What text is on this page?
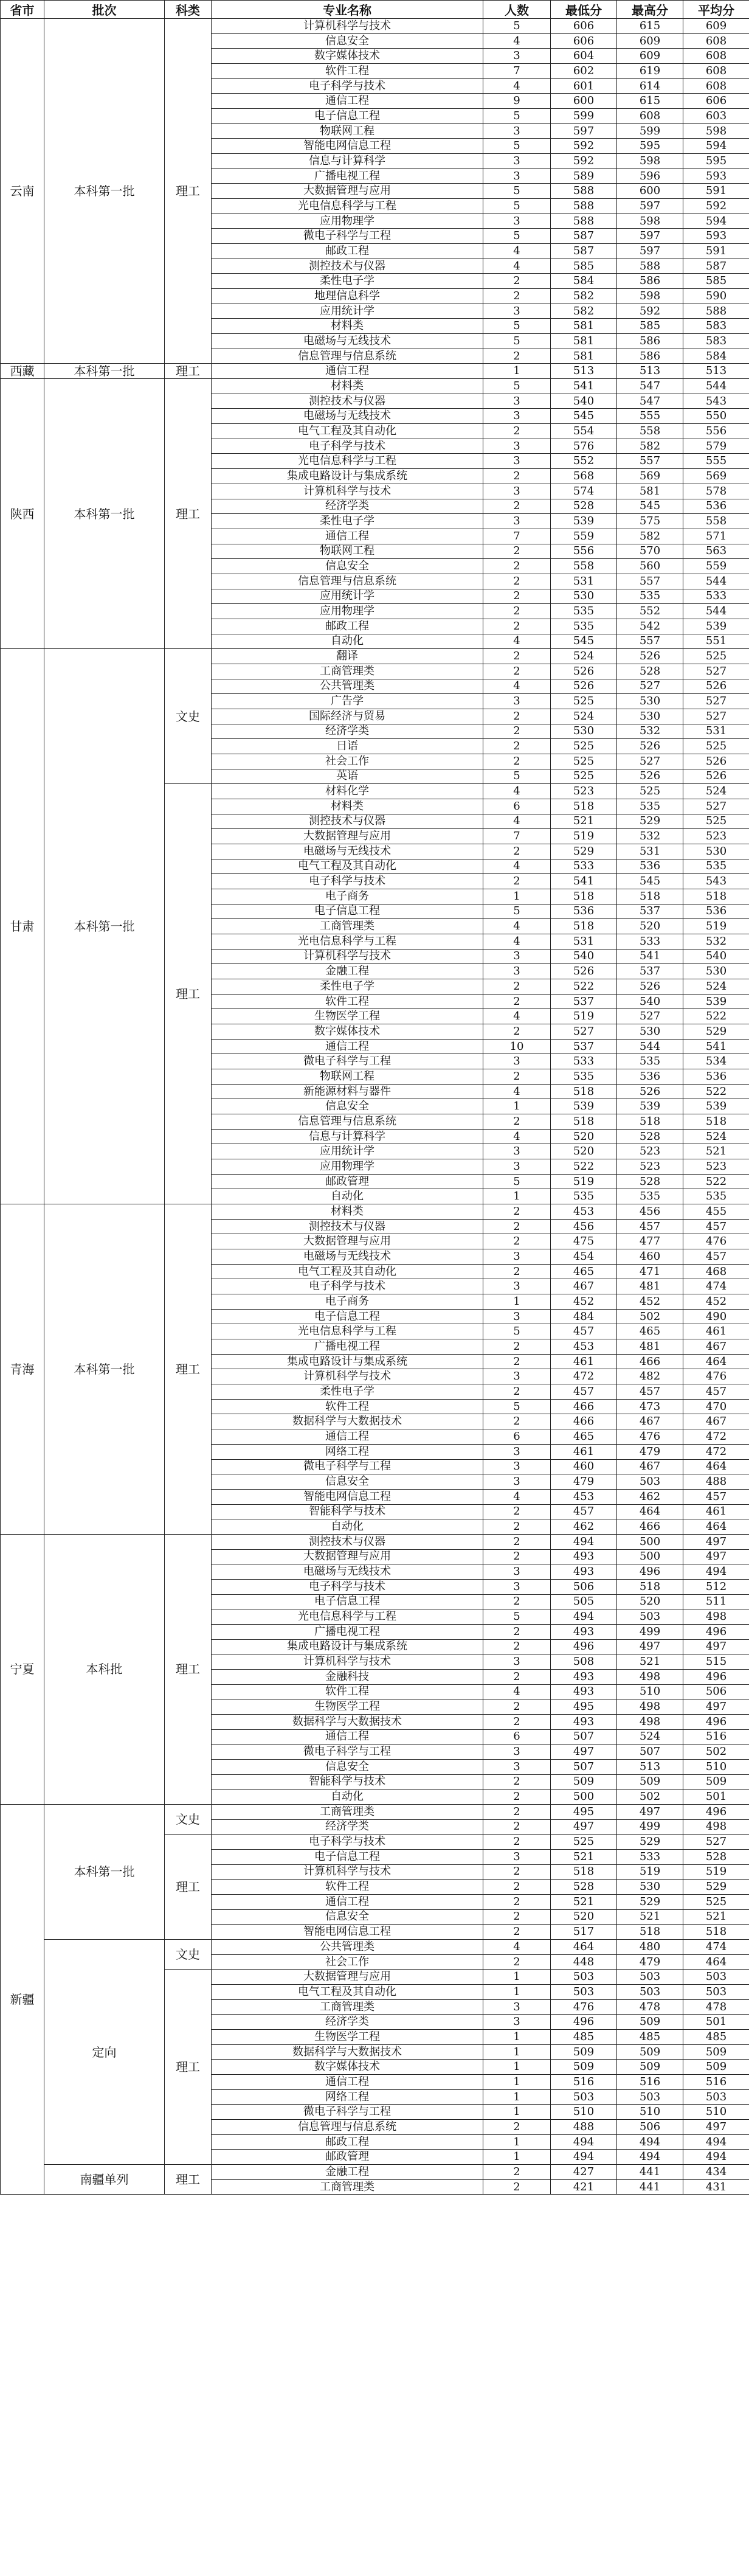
省市	批次	科类	专业名称	人数	最低分	最高分	平均分
云南	本科第一批	理工	计算机科学与技术	5	606	615	609
			信息安全	4	606	609	608
			数字媒体技术	3	604	609	608
			软件工程	7	602	619	608
			电子科学与技术	4	601	614	608
			通信工程	9	600	615	606
			电子信息工程	5	599	608	603
			物联网工程	3	597	599	598
			智能电网信息工程	5	592	595	594
			信息与计算科学	3	592	598	595
			广播电视工程	3	589	596	593
			大数据管理与应用	5	588	600	591
			光电信息科学与工程	5	588	597	592
			应用物理学	3	588	598	594
			微电子科学与工程	5	587	597	593
			邮政工程	4	587	597	591
			测控技术与仪器	4	585	588	587
			柔性电子学	2	584	586	585
			地理信息科学	2	582	598	590
			应用统计学	3	582	592	588
			材料类	5	581	585	583
			电磁场与无线技术	5	581	586	583
			信息管理与信息系统	2	581	586	584
西藏	本科第一批	理工	通信工程	1	513	513	513
陕西	本科第一批	理工	材料类	5	541	547	544
			测控技术与仪器	3	540	547	543
			电磁场与无线技术	3	545	555	550
			电气工程及其自动化	2	554	558	556
			电子科学与技术	3	576	582	579
			光电信息科学与工程	3	552	557	555
			集成电路设计与集成系统	2	568	569	569
			计算机科学与技术	3	574	581	578
			经济学类	2	528	545	536
			柔性电子学	3	539	575	558
			通信工程	7	559	582	571
			物联网工程	2	556	570	563
			信息安全	2	558	560	559
			信息管理与信息系统	2	531	557	544
			应用统计学	2	530	535	533
			应用物理学	2	535	552	544
			邮政工程	2	535	542	539
			自动化	4	545	557	551
甘肃	本科第一批	文史	翻译	2	524	526	525
			工商管理类	2	526	528	527
			公共管理类	4	526	527	526
			广告学	3	525	530	527
			国际经济与贸易	2	524	530	527
			经济学类	2	530	532	531
			日语	2	525	526	525
			社会工作	2	525	527	526
			英语	5	525	526	526
		理工	材料化学	4	523	525	524
			材料类	6	518	535	527
			测控技术与仪器	4	521	529	525
			大数据管理与应用	7	519	532	523
			电磁场与无线技术	2	529	531	530
			电气工程及其自动化	4	533	536	535
			电子科学与技术	2	541	545	543
			电子商务	1	518	518	518
			电子信息工程	5	536	537	536
			工商管理类	4	518	520	519
			光电信息科学与工程	4	531	533	532
			计算机科学与技术	3	540	541	540
			金融工程	3	526	537	530
			柔性电子学	2	522	526	524
			软件工程	2	537	540	539
			生物医学工程	4	519	527	522
			数字媒体技术	2	527	530	529
			通信工程	10	537	544	541
			微电子科学与工程	3	533	535	534
			物联网工程	2	535	536	536
			新能源材料与器件	4	518	526	522
			信息安全	1	539	539	539
			信息管理与信息系统	2	518	518	518
			信息与计算科学	4	520	528	524
			应用统计学	3	520	523	521
			应用物理学	3	522	523	523
			邮政管理	5	519	528	522
			自动化	1	535	535	535
青海	本科第一批	理工	材料类	2	453	456	455
			测控技术与仪器	2	456	457	457
			大数据管理与应用	2	475	477	476
			电磁场与无线技术	3	454	460	457
			电气工程及其自动化	2	465	471	468
			电子科学与技术	3	467	481	474
			电子商务	1	452	452	452
			电子信息工程	3	484	502	490
			光电信息科学与工程	5	457	465	461
			广播电视工程	2	453	481	467
			集成电路设计与集成系统	2	461	466	464
			计算机科学与技术	3	472	482	476
			柔性电子学	2	457	457	457
			软件工程	5	466	473	470
			数据科学与大数据技术	2	466	467	467
			通信工程	6	465	476	472
			网络工程	3	461	479	472
			微电子科学与工程	3	460	467	464
			信息安全	3	479	503	488
			智能电网信息工程	4	453	462	457
			智能科学与技术	2	457	464	461
			自动化	2	462	466	464
宁夏	本科批	理工	测控技术与仪器	2	494	500	497
			大数据管理与应用	2	493	500	497
			电磁场与无线技术	3	493	496	494
			电子科学与技术	3	506	518	512
			电子信息工程	2	505	520	511
			光电信息科学与工程	5	494	503	498
			广播电视工程	2	493	499	496
			集成电路设计与集成系统	2	496	497	497
			计算机科学与技术	3	508	521	515
			金融科技	2	493	498	496
			软件工程	4	493	510	506
			生物医学工程	2	495	498	497
			数据科学与大数据技术	2	493	498	496
			通信工程	6	507	524	516
			微电子科学与工程	3	497	507	502
			信息安全	3	507	513	510
			智能科学与技术	2	509	509	509
			自动化	2	500	502	501
新疆	本科第一批	文史	工商管理类	2	495	497	496
			经济学类	2	497	499	498
		理工	电子科学与技术	2	525	529	527
			电子信息工程	3	521	533	528
			计算机科学与技术	2	518	519	519
			软件工程	2	528	530	529
			通信工程	2	521	529	525
			信息安全	2	520	521	521
			智能电网信息工程	2	517	518	518
	定向	文史	公共管理类	4	464	480	474
			社会工作	2	448	479	464
		理工	大数据管理与应用	1	503	503	503
			电气工程及其自动化	1	503	503	503
			工商管理类	3	476	478	478
			经济学类	3	496	509	501
			生物医学工程	1	485	485	485
			数据科学与大数据技术	1	509	509	509
			数字媒体技术	1	509	509	509
			通信工程	1	516	516	516
			网络工程	1	503	503	503
			微电子科学与工程	1	510	510	510
			信息管理与信息系统	2	488	506	497
			邮政工程	1	494	494	494
			邮政管理	1	494	494	494
	南疆单列	理工	金融工程	2	427	441	434
			工商管理类	2	421	441	431
